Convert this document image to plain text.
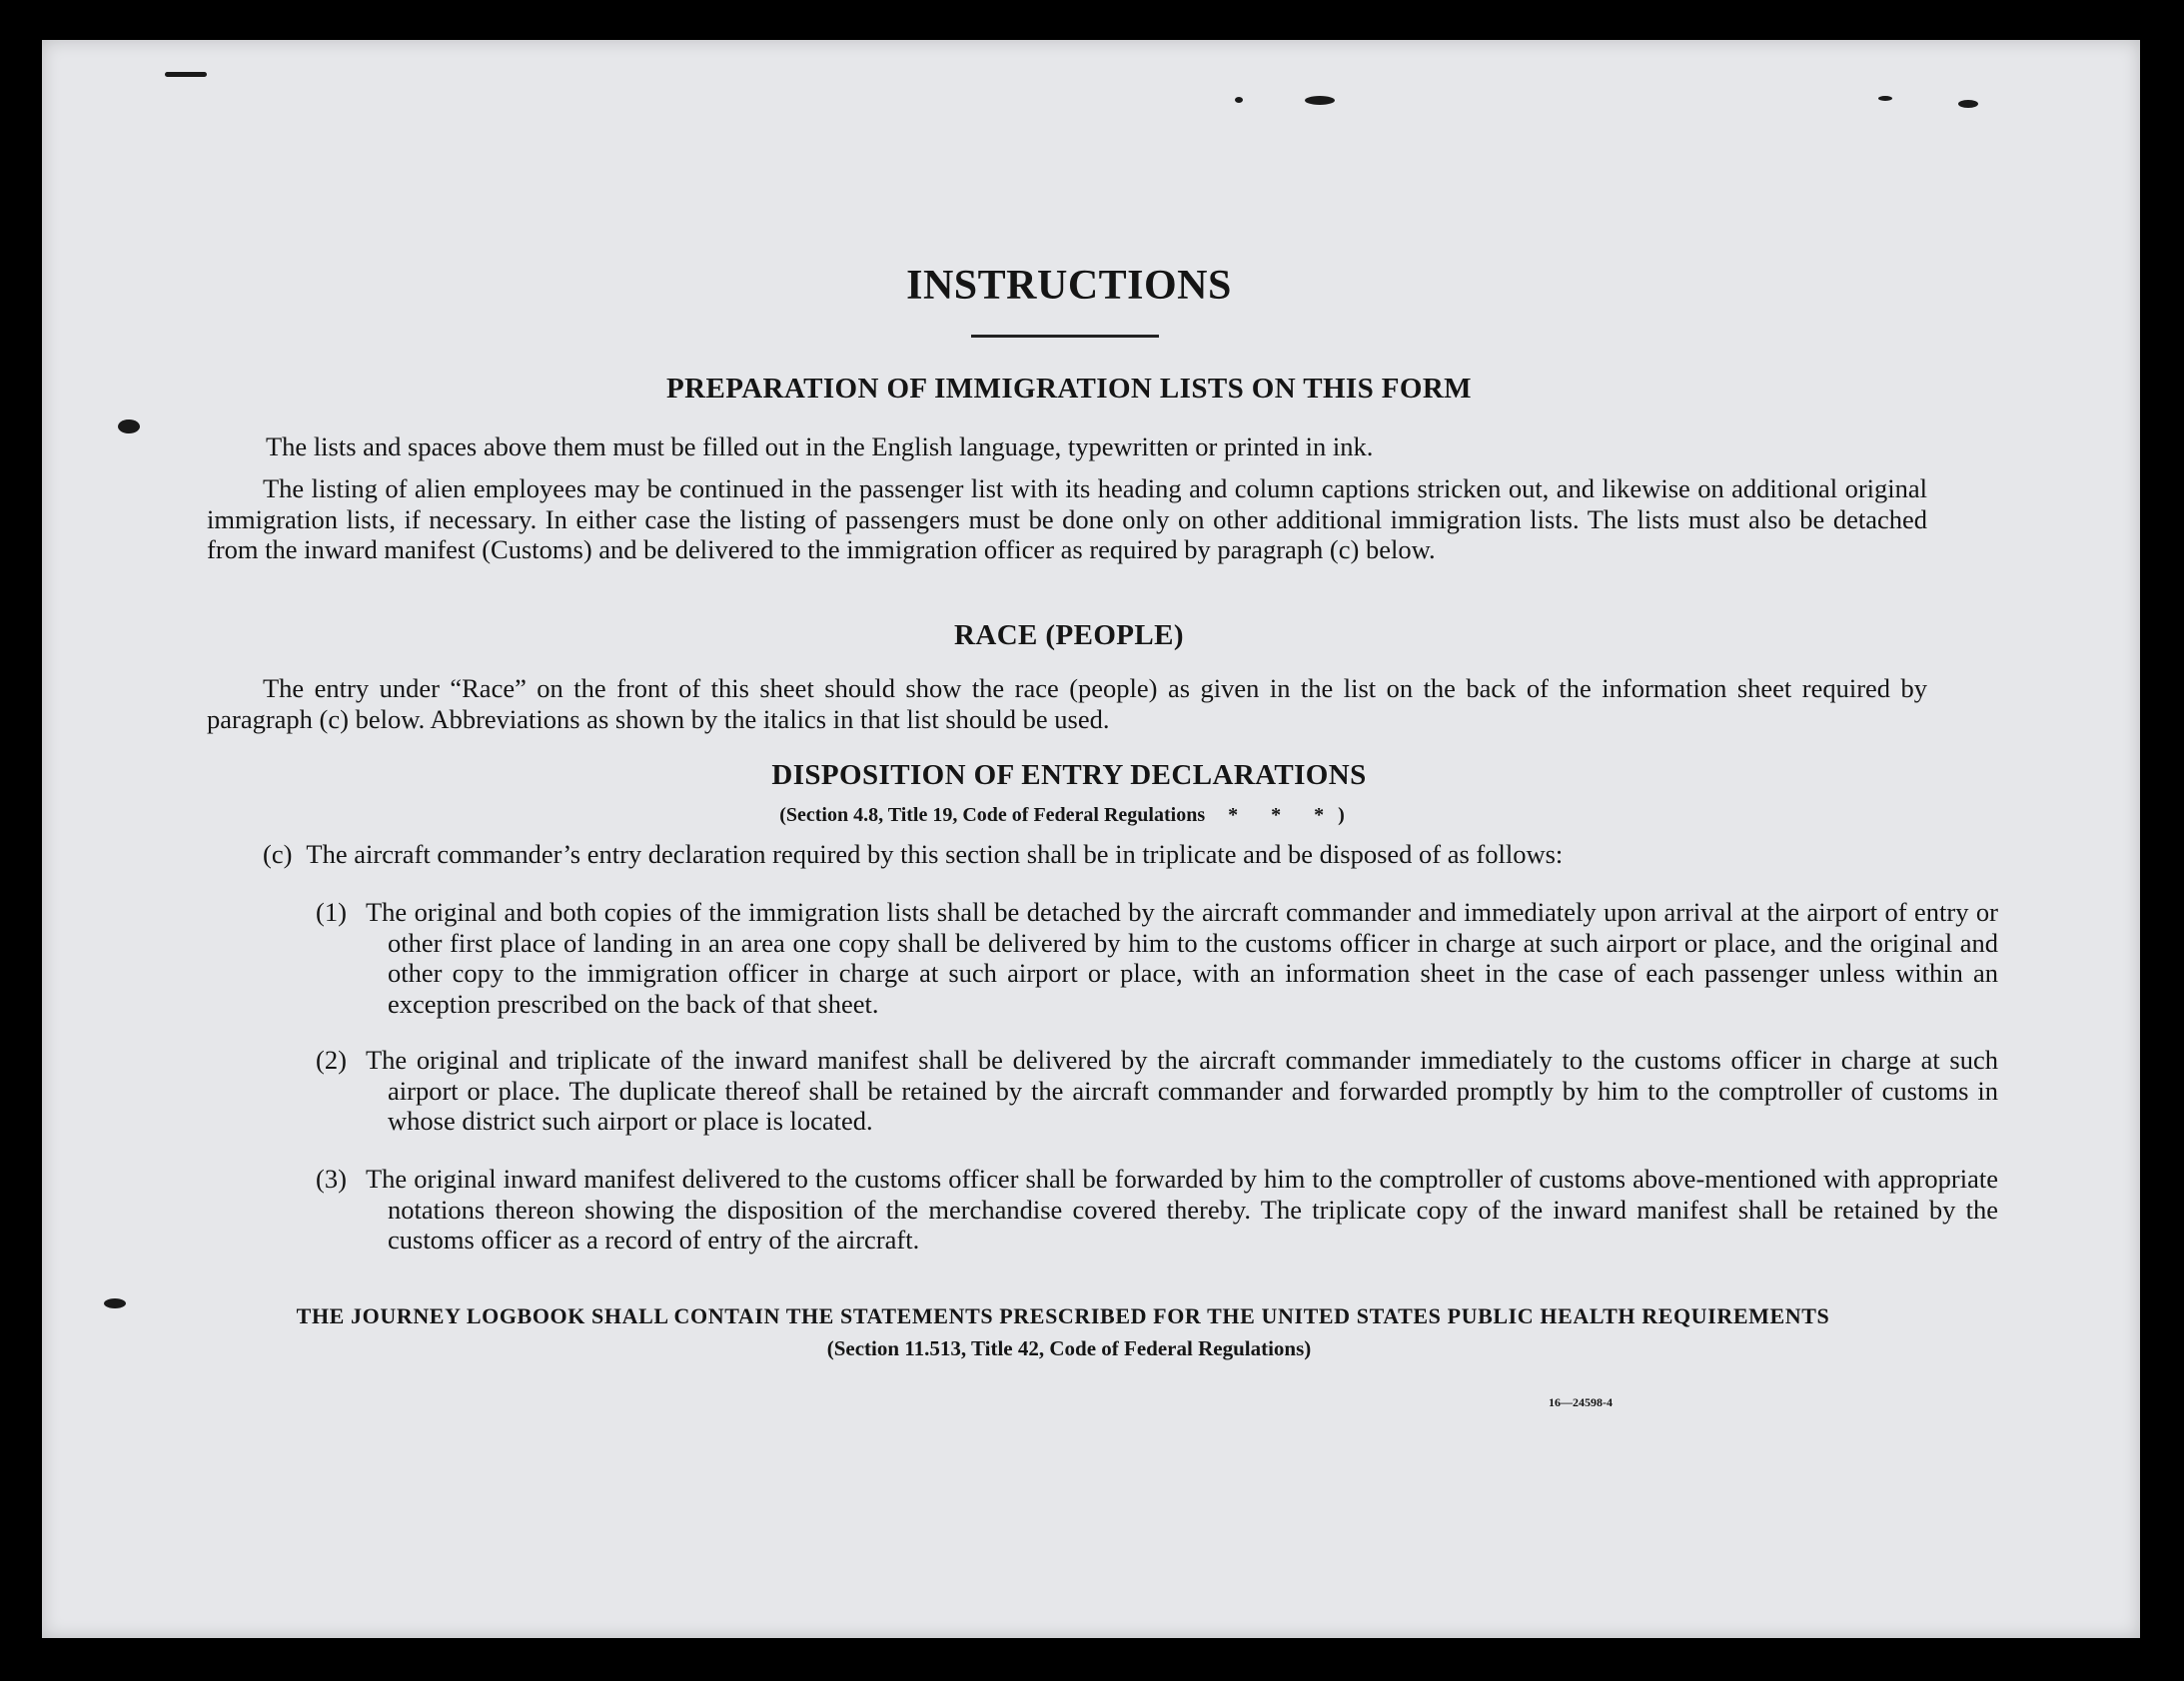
INSTRUCTIONS
PREPARATION OF IMMIGRATION LISTS ON THIS FORM

The lists and spaces above them must be filled out in the English language, typewritten or printed in ink.

The listing of alien employees may be continued in the passenger list with its heading and column captions stricken out, and likewise on additional original immigration lists, if necessary. In either case the listing of passengers must be done only on other additional immigration lists. The lists must also be detached from the inward manifest (Customs) and be delivered to the immigration officer as required by paragraph (c) below.

RACE (PEOPLE)

The entry under “Race” on the front of this sheet should show the race (people) as given in the list on the back of the information sheet required by paragraph (c) below. Abbreviations as shown by the italics in that list should be used.

DISPOSITION OF ENTRY DECLARATIONS
(Section 4.8, Title 19, Code of Federal Regulations * * *)
(c) The aircraft commander’s entry declaration required by this section shall be in triplicate and be disposed of as follows:

(1) The original and both copies of the immigration lists shall be detached by the aircraft commander and immediately upon arrival at the airport of entry or other first place of landing in an area one copy shall be delivered by him to the customs officer in charge at such airport or place, and the original and other copy to the immigration officer in charge at such airport or place, with an information sheet in the case of each passenger unless within an exception prescribed on the back of that sheet.

(2) The original and triplicate of the inward manifest shall be delivered by the aircraft commander immediately to the customs officer in charge at such airport or place. The duplicate thereof shall be retained by the aircraft commander and forwarded promptly by him to the comptroller of customs in whose district such airport or place is located.

(3) The original inward manifest delivered to the customs officer shall be forwarded by him to the comptroller of customs above-mentioned with appropriate notations thereon showing the disposition of the merchandise covered thereby. The triplicate copy of the inward manifest shall be retained by the customs officer as a record of entry of the aircraft.

THE JOURNEY LOGBOOK SHALL CONTAIN THE STATEMENTS PRESCRIBED FOR THE UNITED STATES PUBLIC HEALTH REQUIREMENTS
(Section 11.513, Title 42, Code of Federal Regulations)
16—24598-4
